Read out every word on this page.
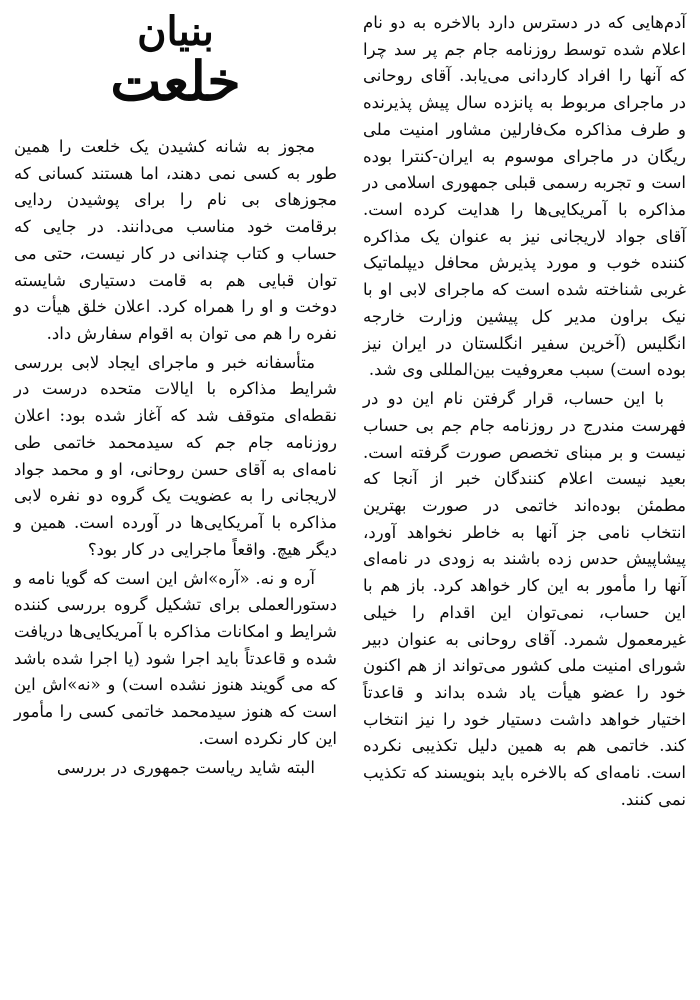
آدم‌هایی که در دسترس دارد بالاخره به دو نام اعلام شده توسط روزنامه جام جم پر سد چرا که آنها را افراد کاردانی می‌یابد. آقای روحانی در ماجرای مربوط به پانزده سال پیش پذیرنده و طرف مذاکره مک‌فارلین مشاور امنیت ملی ریگان در ماجرای موسوم به ایران-کنترا بوده است و تجربه رسمی قبلی جمهوری اسلامی در مذاکره با آمریکایی‌ها را هدایت کرده است. آقای جواد لاریجانی نیز به عنوان یک مذاکره کننده خوب و مورد پذیرش محافل دیپلماتیک غربی شناخته شده است که ماجرای لابی او با نیک براون مدیر کل پیشین وزارت خارجه انگلیس (آخرین سفیر انگلستان در ایران نیز بوده است) سبب معروفیت بین‌المللی وی شد.

با این حساب، قرار گرفتن نام این دو در فهرست مندرج در روزنامه جام جم بی حساب نیست و بر مبنای تخصص صورت گرفته است. بعید نیست اعلام کنندگان خبر از آنجا که مطمئن بوده‌اند خاتمی در صورت بهترین انتخاب نامی جز آنها به خاطر نخواهد آورد، پیشاپیش حدس زده باشند به زودی در نامه‌ای آنها را مأمور به این کار خواهد کرد. باز هم با این حساب، نمی‌توان این اقدام را خیلی غیرمعمول شمرد. آقای روحانی به عنوان دبیر شورای امنیت ملی کشور می‌تواند از هم اکنون خود را عضو هیأت یاد شده بداند و قاعدتاً اختیار خواهد داشت دستیار خود را نیز انتخاب کند. خاتمی هم به همین دلیل تکذیبی نکرده است. نامه‌ای که بالاخره باید بنویسند که تکذیب نمی کنند.

بنیان
خلعت

مجوز به شانه کشیدن یک خلعت را همین طور به کسی نمی دهند، اما هستند کسانی که مجوزهای بی نام را برای پوشیدن ردایی برقامت خود مناسب می‌دانند. در جایی که حساب و کتاب چندانی در کار نیست، حتی می توان قبایی هم به قامت دستیاری شایسته دوخت و او را همراه کرد. اعلان خلق هیأت دو نفره را هم می توان به اقوام سفارش داد.

متأسفانه خبر و ماجرای ایجاد لابی بررسی شرایط مذاکره با ایالات متحده درست در نقطه‌ای متوقف شد که آغاز شده بود: اعلان روزنامه جام جم که سیدمحمد خاتمی طی نامه‌ای به آقای حسن روحانی، او و محمد جواد لاریجانی را به عضویت یک گروه دو نفره لابی مذاکره با آمریکایی‌ها در آورده است. همین و دیگر هیچ. واقعاً ماجرایی در کار بود؟

آره و نه. «آره»اش این است که گویا نامه و دستورالعملی برای تشکیل گروه بررسی کننده شرایط و امکانات مذاکره با آمریکایی‌ها دریافت شده و قاعدتاً باید اجرا شود (یا اجرا شده باشد که می گویند هنوز نشده است) و «نه»اش این است که هنوز سیدمحمد خاتمی کسی را مأمور این کار نکرده است.

البته شاید ریاست جمهوری در بررسی
